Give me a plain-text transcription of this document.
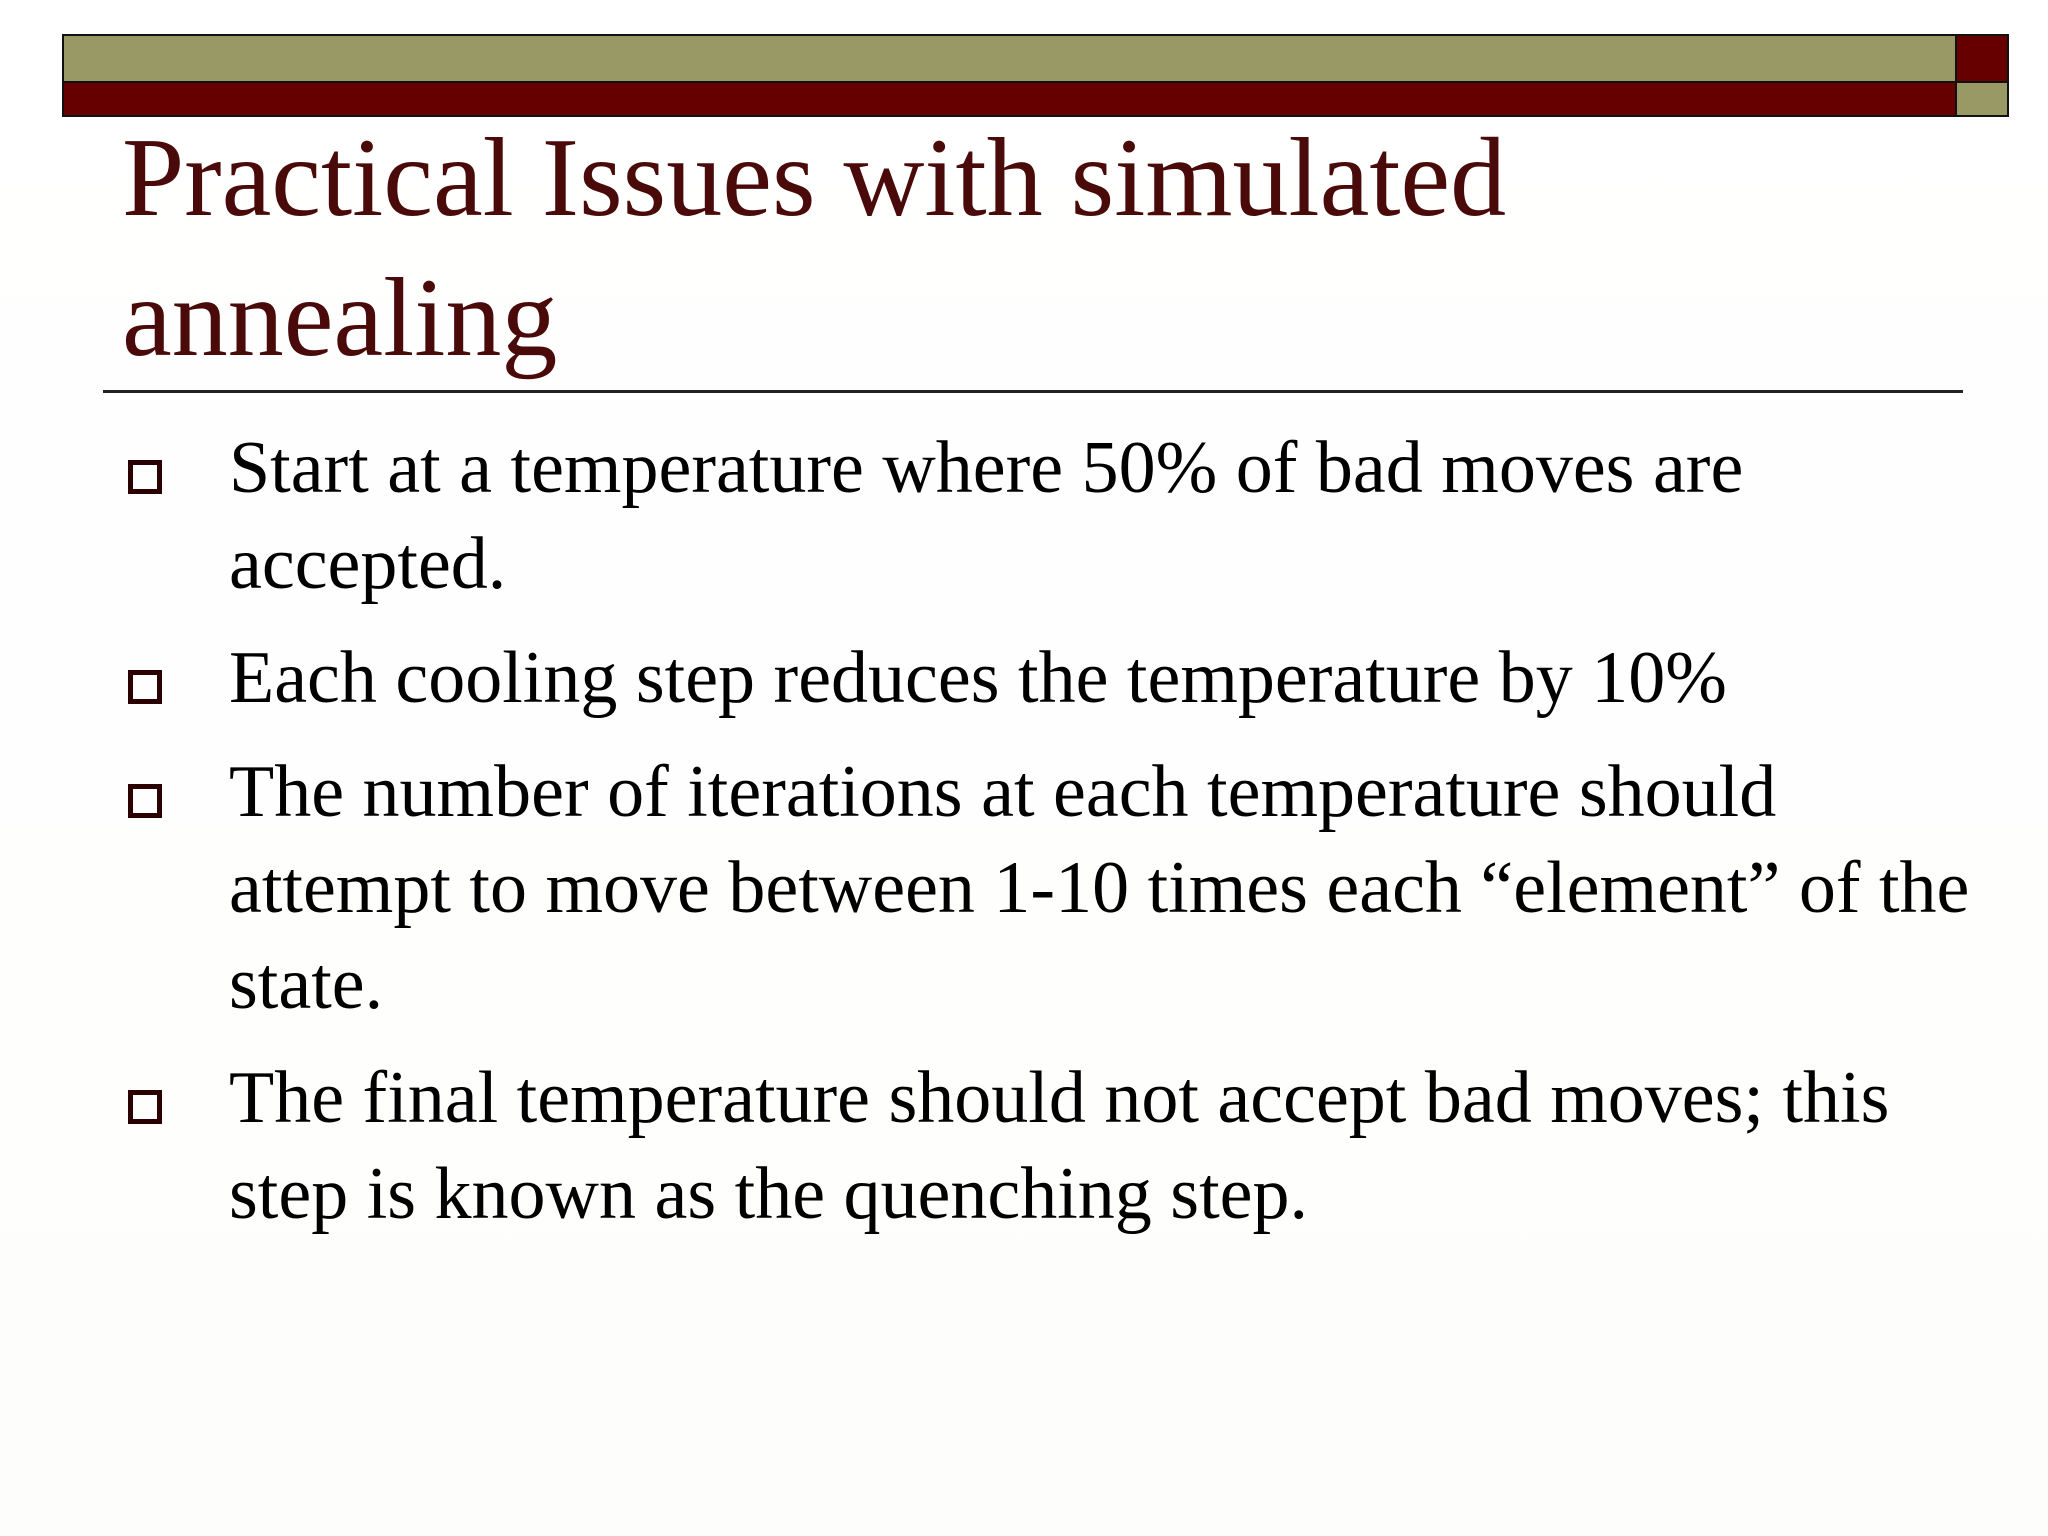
Practical Issues with simulated annealing
Start at a temperature where 50% of bad moves are accepted.
Each cooling step reduces the temperature by 10%
The number of iterations at each temperature should attempt to move between 1-10 times each “element” of the state.
The final temperature should not accept bad moves; this step is known as the quenching step.
